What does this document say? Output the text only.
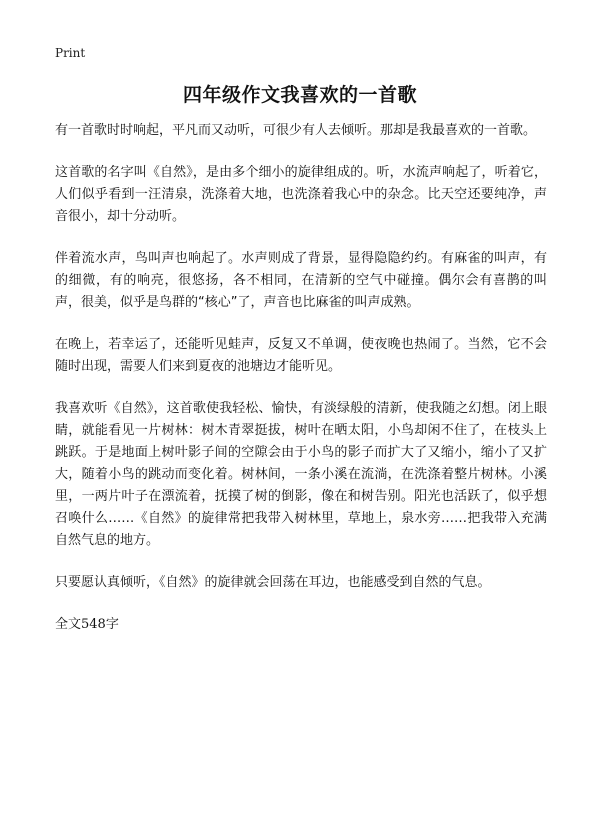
Print
四年级作文我喜欢的一首歌

有一首歌时时响起，平凡而又动听，可很少有人去倾听。那却是我最喜欢的一首歌。

这首歌的名字叫《自然》，是由多个细小的旋律组成的。听，水流声响起了，听着它，人们似乎看到一汪清泉，洗涤着大地，也洗涤着我心中的杂念。比天空还要纯净，声音很小，却十分动听。

伴着流水声，鸟叫声也响起了。水声则成了背景，显得隐隐约约。有麻雀的叫声，有的细微，有的响亮，很悠扬，各不相同，在清新的空气中碰撞。偶尔会有喜鹊的叫声，很美，似乎是鸟群的“核心”了，声音也比麻雀的叫声成熟。

在晚上，若幸运了，还能听见蛙声，反复又不单调，使夜晚也热闹了。当然，它不会随时出现，需要人们来到夏夜的池塘边才能听见。

我喜欢听《自然》，这首歌使我轻松、愉快，有淡绿般的清新，使我随之幻想。闭上眼睛，就能看见一片树林：树木青翠挺拔，树叶在晒太阳，小鸟却闲不住了，在枝头上跳跃。于是地面上树叶影子间的空隙会由于小鸟的影子而扩大了又缩小，缩小了又扩大，随着小鸟的跳动而变化着。树林间，一条小溪在流淌，在洗涤着整片树林。小溪里，一两片叶子在漂流着，抚摸了树的倒影，像在和树告别。阳光也活跃了，似乎想召唤什么……《自然》的旋律常把我带入树林里，草地上，泉水旁……把我带入充满自然气息的地方。

只要愿认真倾听，《自然》的旋律就会回荡在耳边，也能感受到自然的气息。

全文548字
